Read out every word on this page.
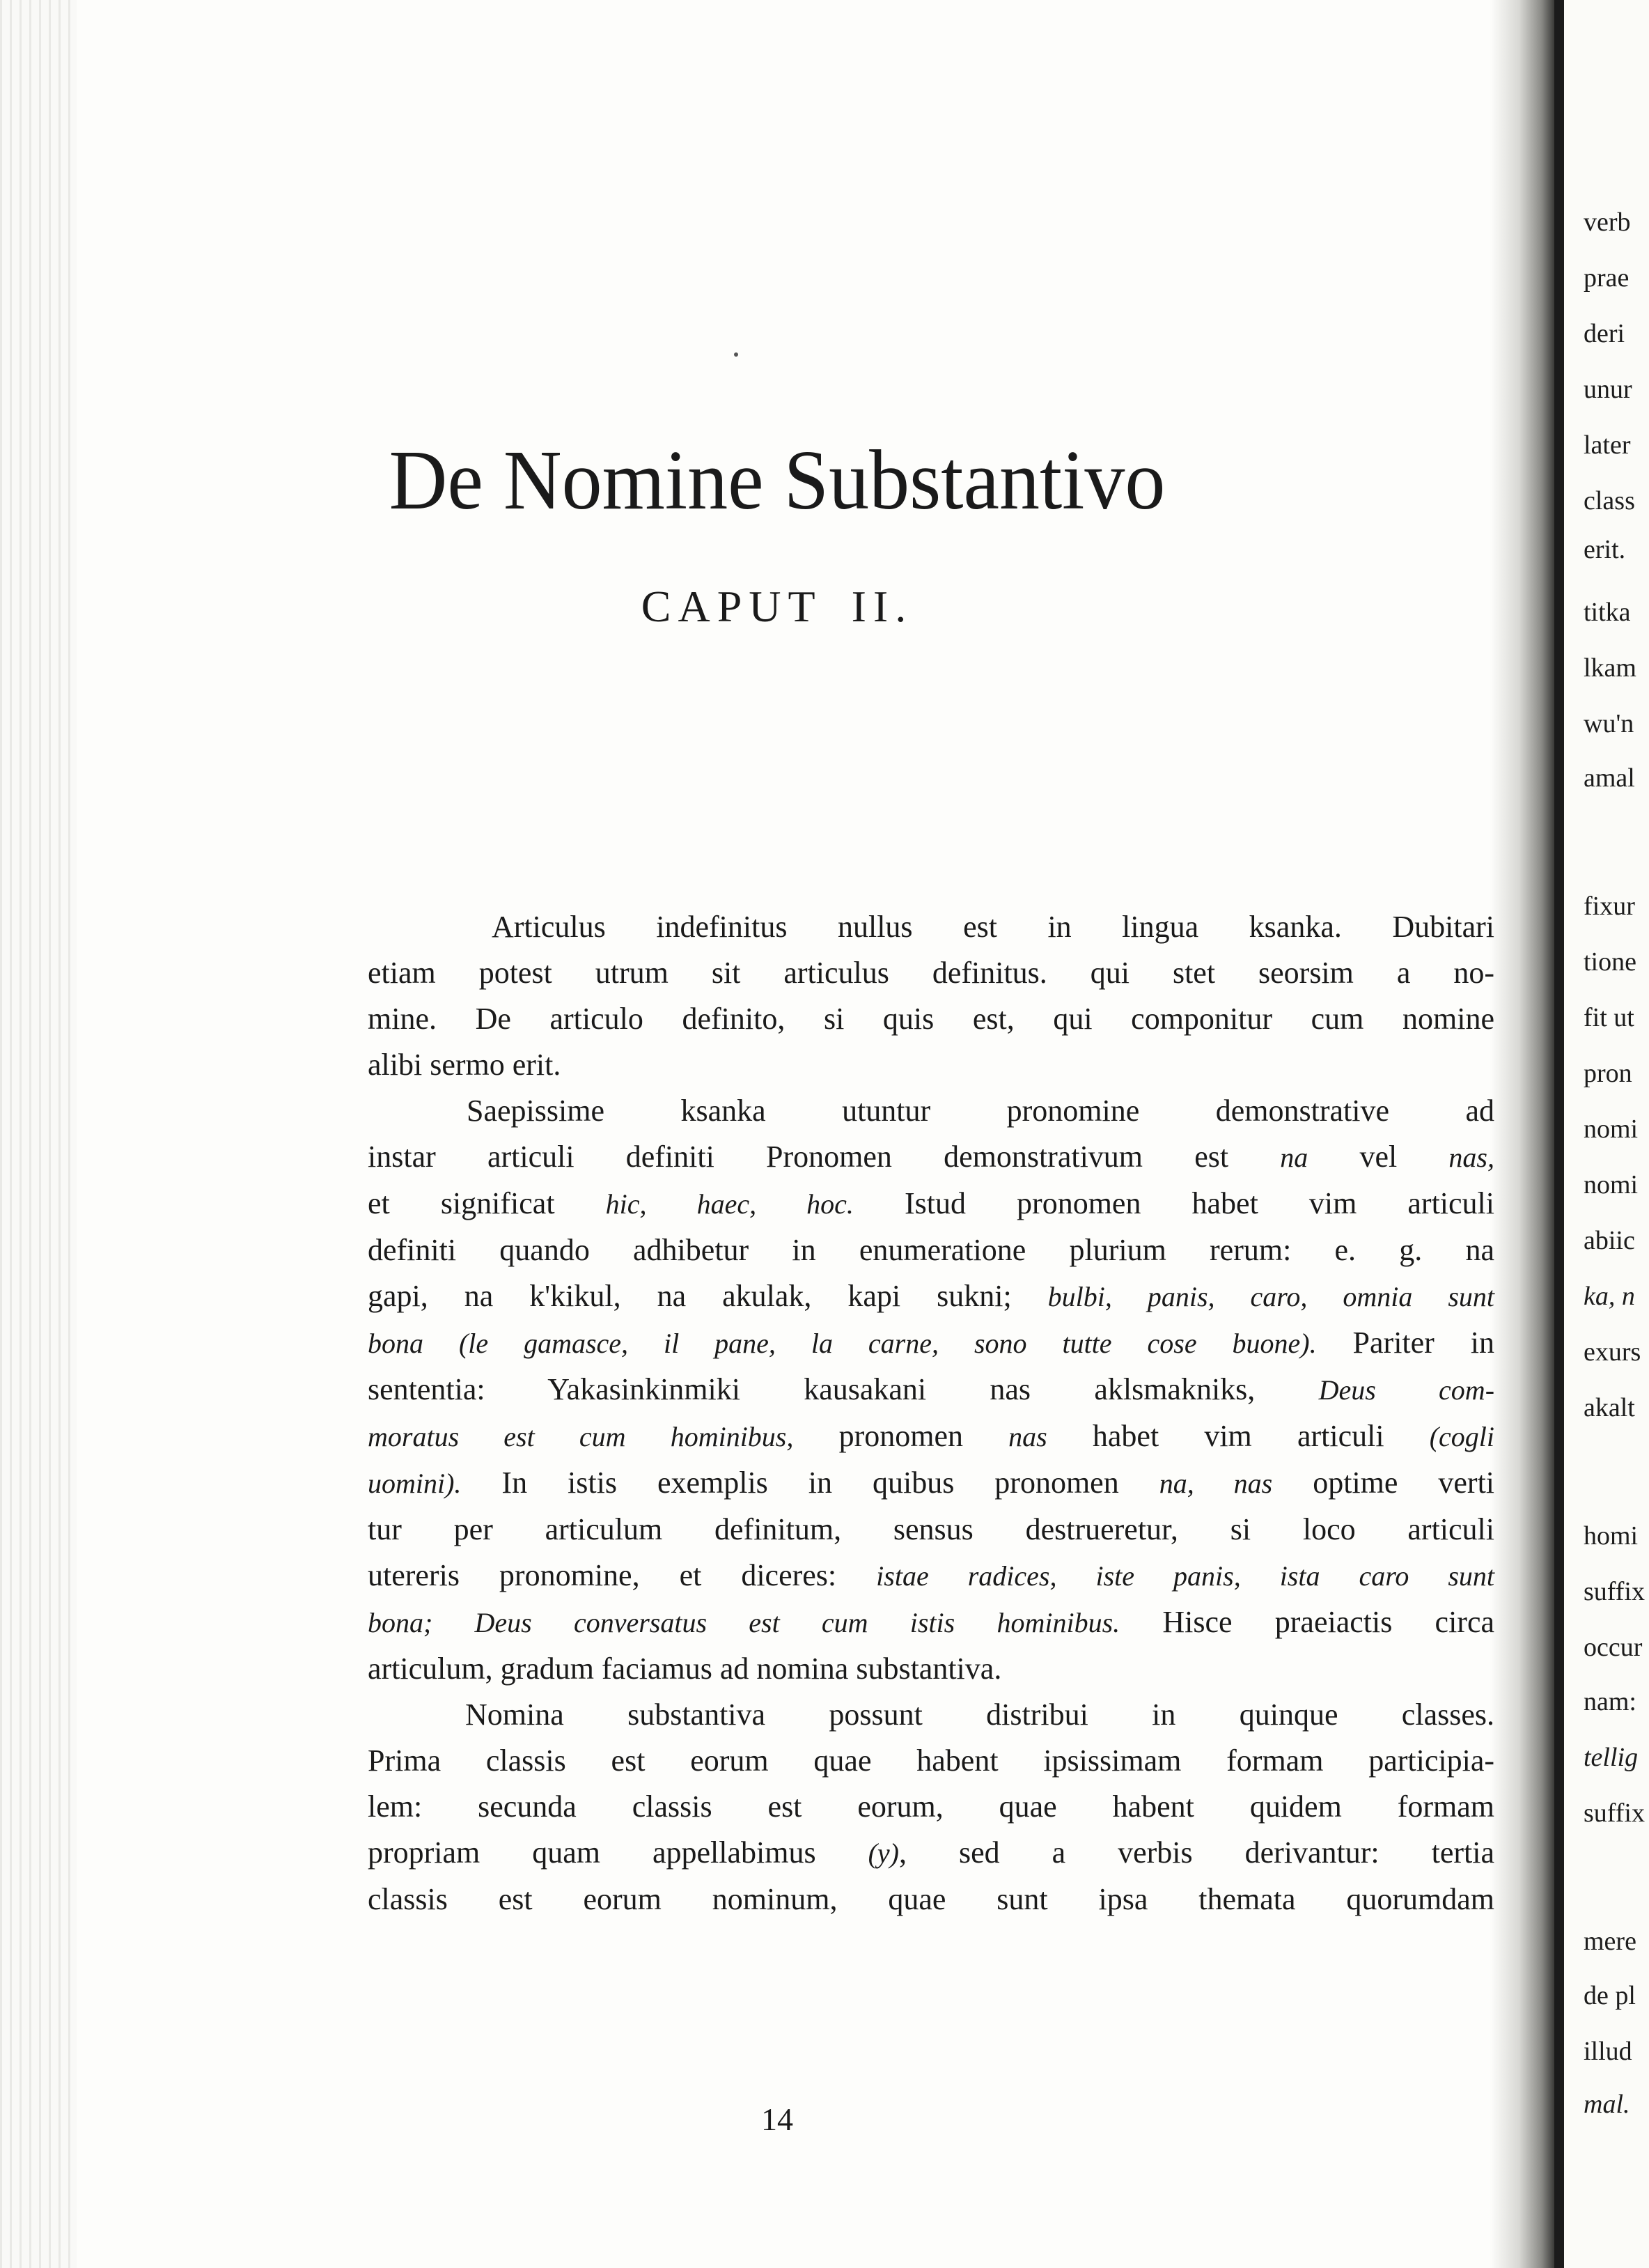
CAPUT II.
De Nomine Substantivo
Articulus indefinitus nullus est in lingua ksanka. Dubitari
etiam potest utrum sit articulus definitus. qui stet seorsim a no-
mine. De articulo definito, si quis est, qui componitur cum nomine
alibi sermo erit.
Saepissime ksanka utuntur pronomine demonstrative ad
instar articuli definiti Pronomen demonstrativum est na vel nas,
et significat hic, haec, hoc. Istud pronomen habet vim articuli
definiti quando adhibetur in enumeratione plurium rerum: e. g. na
gapi, na k'kikul, na akulak, kapi sukni; bulbi, panis, caro, omnia sunt
bona (le gamasce, il pane, la carne, sono tutte cose buone). Pariter in
sententia: Yakasinkinmiki kausakani nas aklsmakniks, Deus com-
moratus est cum hominibus, pronomen nas habet vim articuli (cogli
uomini). In istis exemplis in quibus pronomen na, nas optime verti
tur per articulum definitum, sensus destrueretur, si loco articuli
utereris pronomine, et diceres: istae radices, iste panis, ista caro sunt
bona; Deus conversatus est cum istis hominibus. Hisce praeiactis circa
articulum, gradum faciamus ad nomina substantiva.
Nomina substantiva possunt distribui in quinque classes.
Prima classis est eorum quae habent ipsissimam formam participia-
lem: secunda classis est eorum, quae habent quidem formam
propriam quam appellabimus (y), sed a verbis derivantur: tertia
classis est eorum nominum, quae sunt ipsa themata quorumdam
14
verb
prae
deri
unur
later
class
erit.
titka
lkam
wu'n
amal
fixur
tione
fit ut
pron
nomi
nomi
abiic
ka, n
exurs
akalt
homi
suffix
occur
nam:
tellig
suffix
mere
de pl
illud
mal.
